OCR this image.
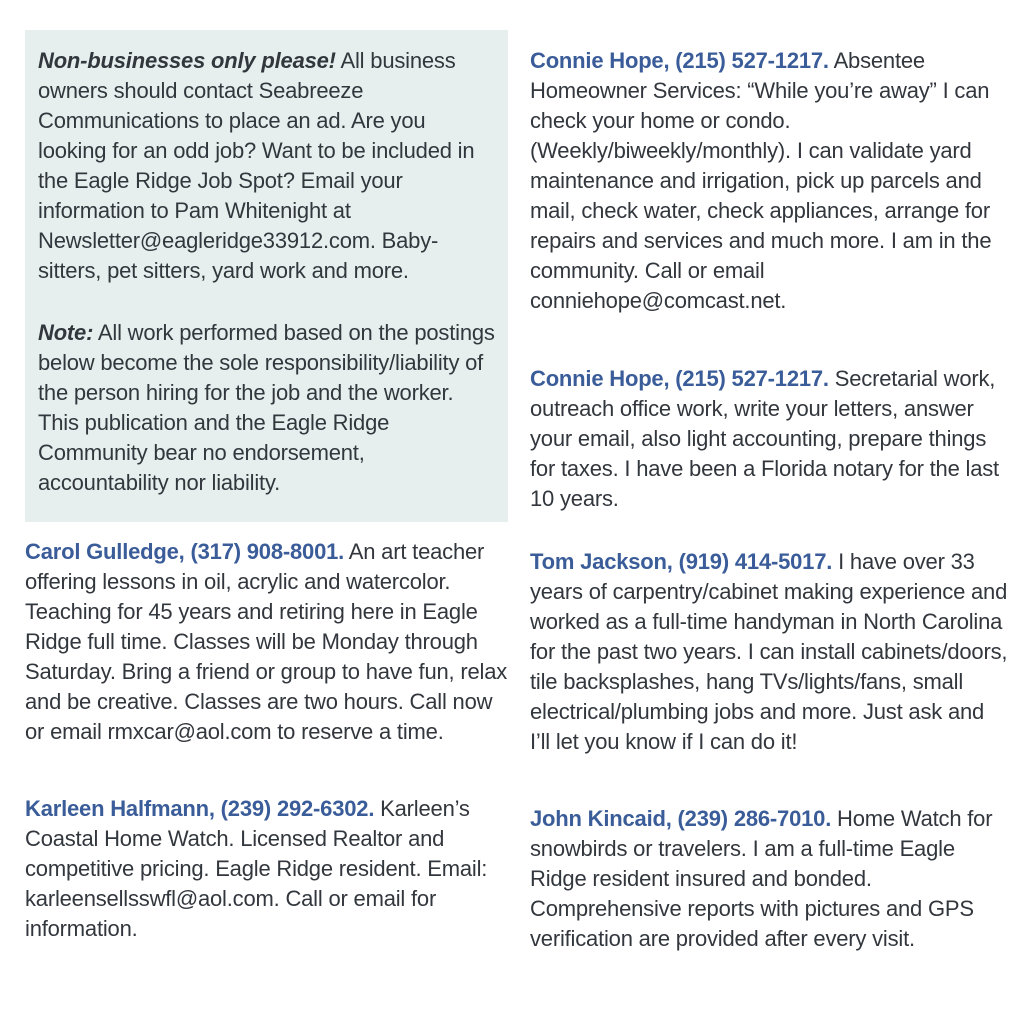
Non-businesses only please! All business owners should contact Seabreeze Communications to place an ad. Are you looking for an odd job? Want to be included in the Eagle Ridge Job Spot? Email your information to Pam Whitenight at Newsletter@eagleridge33912.com. Baby-sitters, pet sitters, yard work and more.

Note: All work performed based on the postings below become the sole responsibility/liability of the person hiring for the job and the worker. This publication and the Eagle Ridge Community bear no endorsement, accountability nor liability.

Carol Gulledge, (317) 908-8001. An art teacher offering lessons in oil, acrylic and watercolor. Teaching for 45 years and retiring here in Eagle Ridge full time. Classes will be Monday through Saturday. Bring a friend or group to have fun, relax and be creative. Classes are two hours. Call now or email rmxcar@aol.com to reserve a time.

Karleen Halfmann, (239) 292-6302. Karleen’s Coastal Home Watch. Licensed Realtor and competitive pricing. Eagle Ridge resident. Email: karleensellsswfl@aol.com. Call or email for information.

Connie Hope, (215) 527-1217. Absentee Homeowner Services: “While you’re away” I can check your home or condo. (Weekly/biweekly/monthly). I can validate yard maintenance and irrigation, pick up parcels and mail, check water, check appliances, arrange for repairs and services and much more. I am in the community. Call or email conniehope@comcast.net.

Connie Hope, (215) 527-1217. Secretarial work, outreach office work, write your letters, answer your email, also light accounting, prepare things for taxes. I have been a Florida notary for the last 10 years.

Tom Jackson, (919) 414-5017. I have over 33 years of carpentry/cabinet making experience and worked as a full-time handyman in North Carolina for the past two years. I can install cabinets/doors, tile backsplashes, hang TVs/lights/fans, small electrical/plumbing jobs and more. Just ask and I’ll let you know if I can do it!

John Kincaid, (239) 286-7010. Home Watch for snowbirds or travelers. I am a full-time Eagle Ridge resident insured and bonded. Comprehensive reports with pictures and GPS verification are provided after every visit.
